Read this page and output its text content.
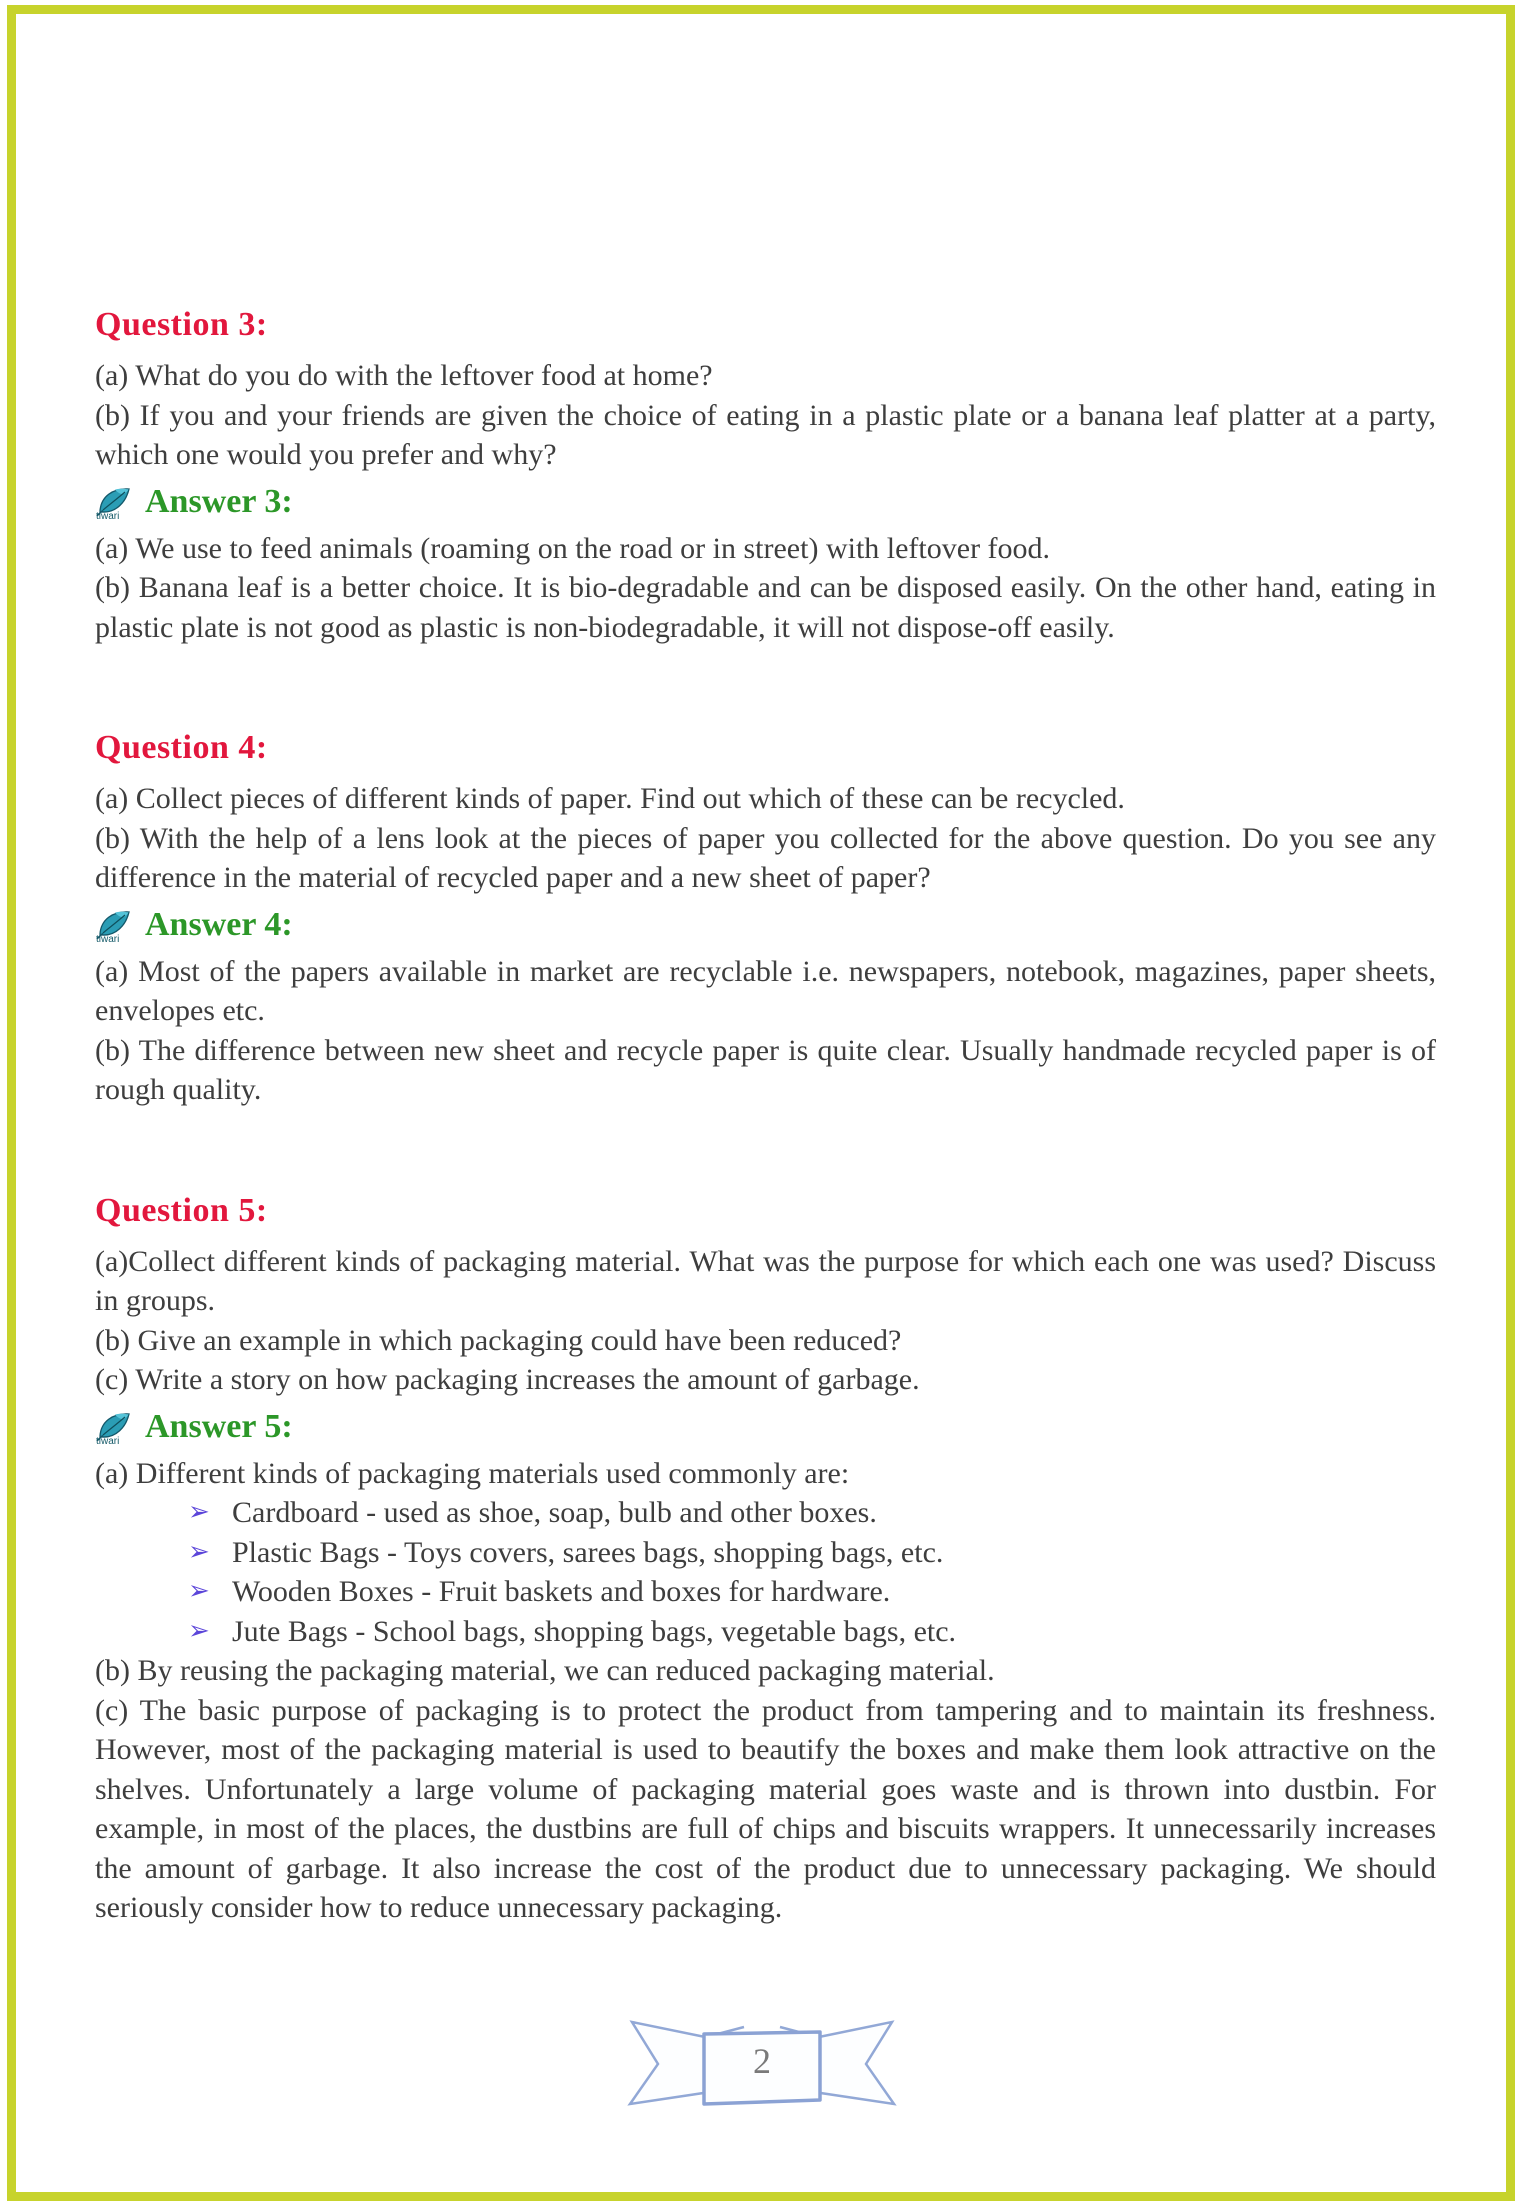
Question 3:

(a) What do you do with the leftover food at home?

(b) If you and your friends are given the choice of eating in a plastic plate or a banana leaf platter at a party, which one would you prefer and why?

tiwari Answer 3:

(a) We use to feed animals (roaming on the road or in street) with leftover food.

(b) Banana leaf is a better choice. It is bio-degradable and can be disposed easily. On the other hand, eating in plastic plate is not good as plastic is non-biodegradable, it will not dispose-off easily.

Question 4:

(a) Collect pieces of different kinds of paper. Find out which of these can be recycled.

(b) With the help of a lens look at the pieces of paper you collected for the above question. Do you see any difference in the material of recycled paper and a new sheet of paper?

tiwari Answer 4:

(a) Most of the papers available in market are recyclable i.e. newspapers, notebook, magazines, paper sheets, envelopes etc.

(b) The difference between new sheet and recycle paper is quite clear. Usually handmade recycled paper is of rough quality.

Question 5:

(a)Collect different kinds of packaging material. What was the purpose for which each one was used? Discuss in groups.

(b) Give an example in which packaging could have been reduced?

(c) Write a story on how packaging increases the amount of garbage.

tiwari Answer 5:

(a) Different kinds of packaging materials used commonly are:

➢ Cardboard - used as shoe, soap, bulb and other boxes.
➢ Plastic Bags - Toys covers, sarees bags, shopping bags, etc.
➢ Wooden Boxes - Fruit baskets and boxes for hardware.
➢ Jute Bags - School bags, shopping bags, vegetable bags, etc.

(b) By reusing the packaging material, we can reduced packaging material.

(c) The basic purpose of packaging is to protect the product from tampering and to maintain its freshness. However, most of the packaging material is used to beautify the boxes and make them look attractive on the shelves. Unfortunately a large volume of packaging material goes waste and is thrown into dustbin. For example, in most of the places, the dustbins are full of chips and biscuits wrappers. It unnecessarily increases the amount of garbage. It also increase the cost of the product due to unnecessary packaging. We should seriously consider how to reduce unnecessary packaging.

2
